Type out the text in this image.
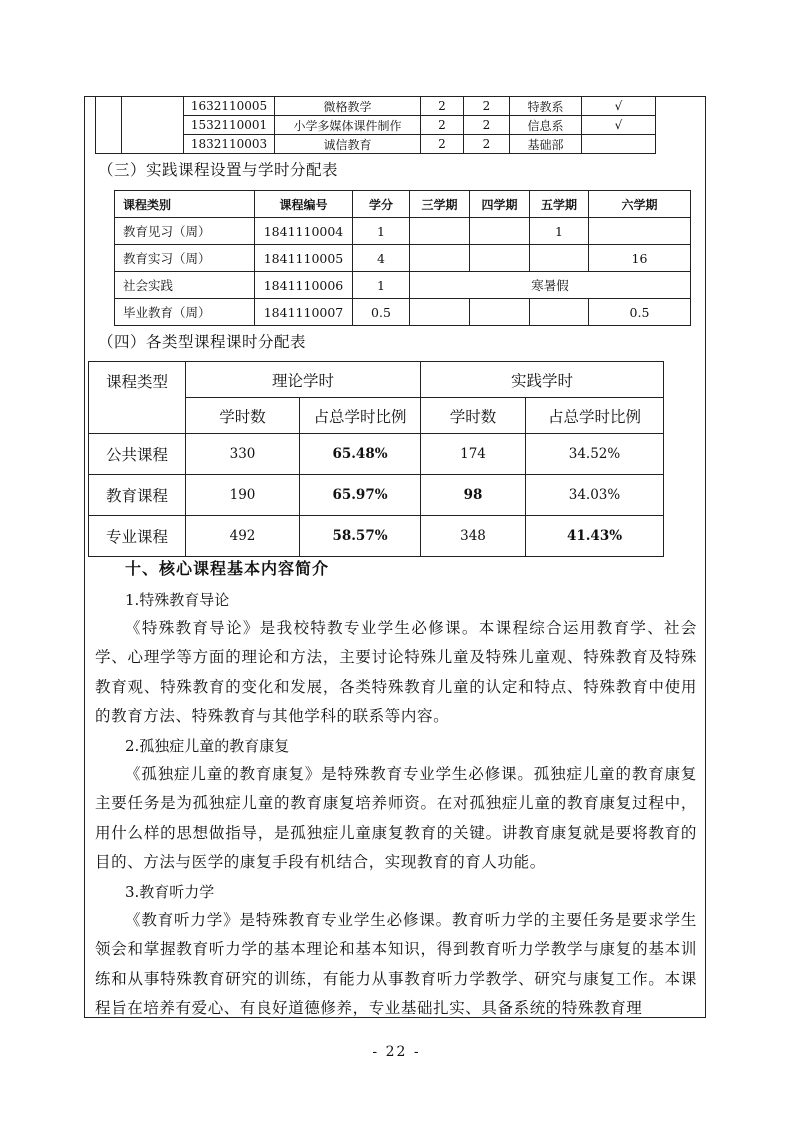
		1632110005	微格教学	2	2	特教系	√
		1532110001	小学多媒体课件制作	2	2	信息系	√
		1832110003	诚信教育	2	2	基础部	
（三）实践课程设置与学时分配表
课程类别	课程编号	学分	三学期	四学期	五学期	六学期
教育见习（周）	1841110004	1			1	
教育实习（周）	1841110005	4				16
社会实践	1841110006	1	寒暑假			
毕业教育（周）	1841110007	0.5				0.5
（四）各类型课程课时分配表
课程类型	理论学时		实践学时	
	学时数	占总学时比例	学时数	占总学时比例
公共课程	330	65.48%	174	34.52%
教育课程	190	65.97%	98	34.03%
专业课程	492	58.57%	348	41.43%
十、核心课程基本内容简介
1.特殊教育导论
《特殊教育导论》是我校特教专业学生必修课。本课程综合运用教育学、社会学、心理学等方面的理论和方法，主要讨论特殊儿童及特殊儿童观、特殊教育及特殊教育观、特殊教育的变化和发展，各类特殊教育儿童的认定和特点、特殊教育中使用的教育方法、特殊教育与其他学科的联系等内容。
2.孤独症儿童的教育康复
《孤独症儿童的教育康复》是特殊教育专业学生必修课。孤独症儿童的教育康复主要任务是为孤独症儿童的教育康复培养师资。在对孤独症儿童的教育康复过程中，用什么样的思想做指导，是孤独症儿童康复教育的关键。讲教育康复就是要将教育的目的、方法与医学的康复手段有机结合，实现教育的育人功能。
3.教育听力学
《教育听力学》是特殊教育专业学生必修课。教育听力学的主要任务是要求学生领会和掌握教育听力学的基本理论和基本知识，得到教育听力学教学与康复的基本训练和从事特殊教育研究的训练，有能力从事教育听力学教学、研究与康复工作。本课程旨在培养有爱心、有良好道德修养，专业基础扎实、具备系统的特殊教育理
- 22 -
